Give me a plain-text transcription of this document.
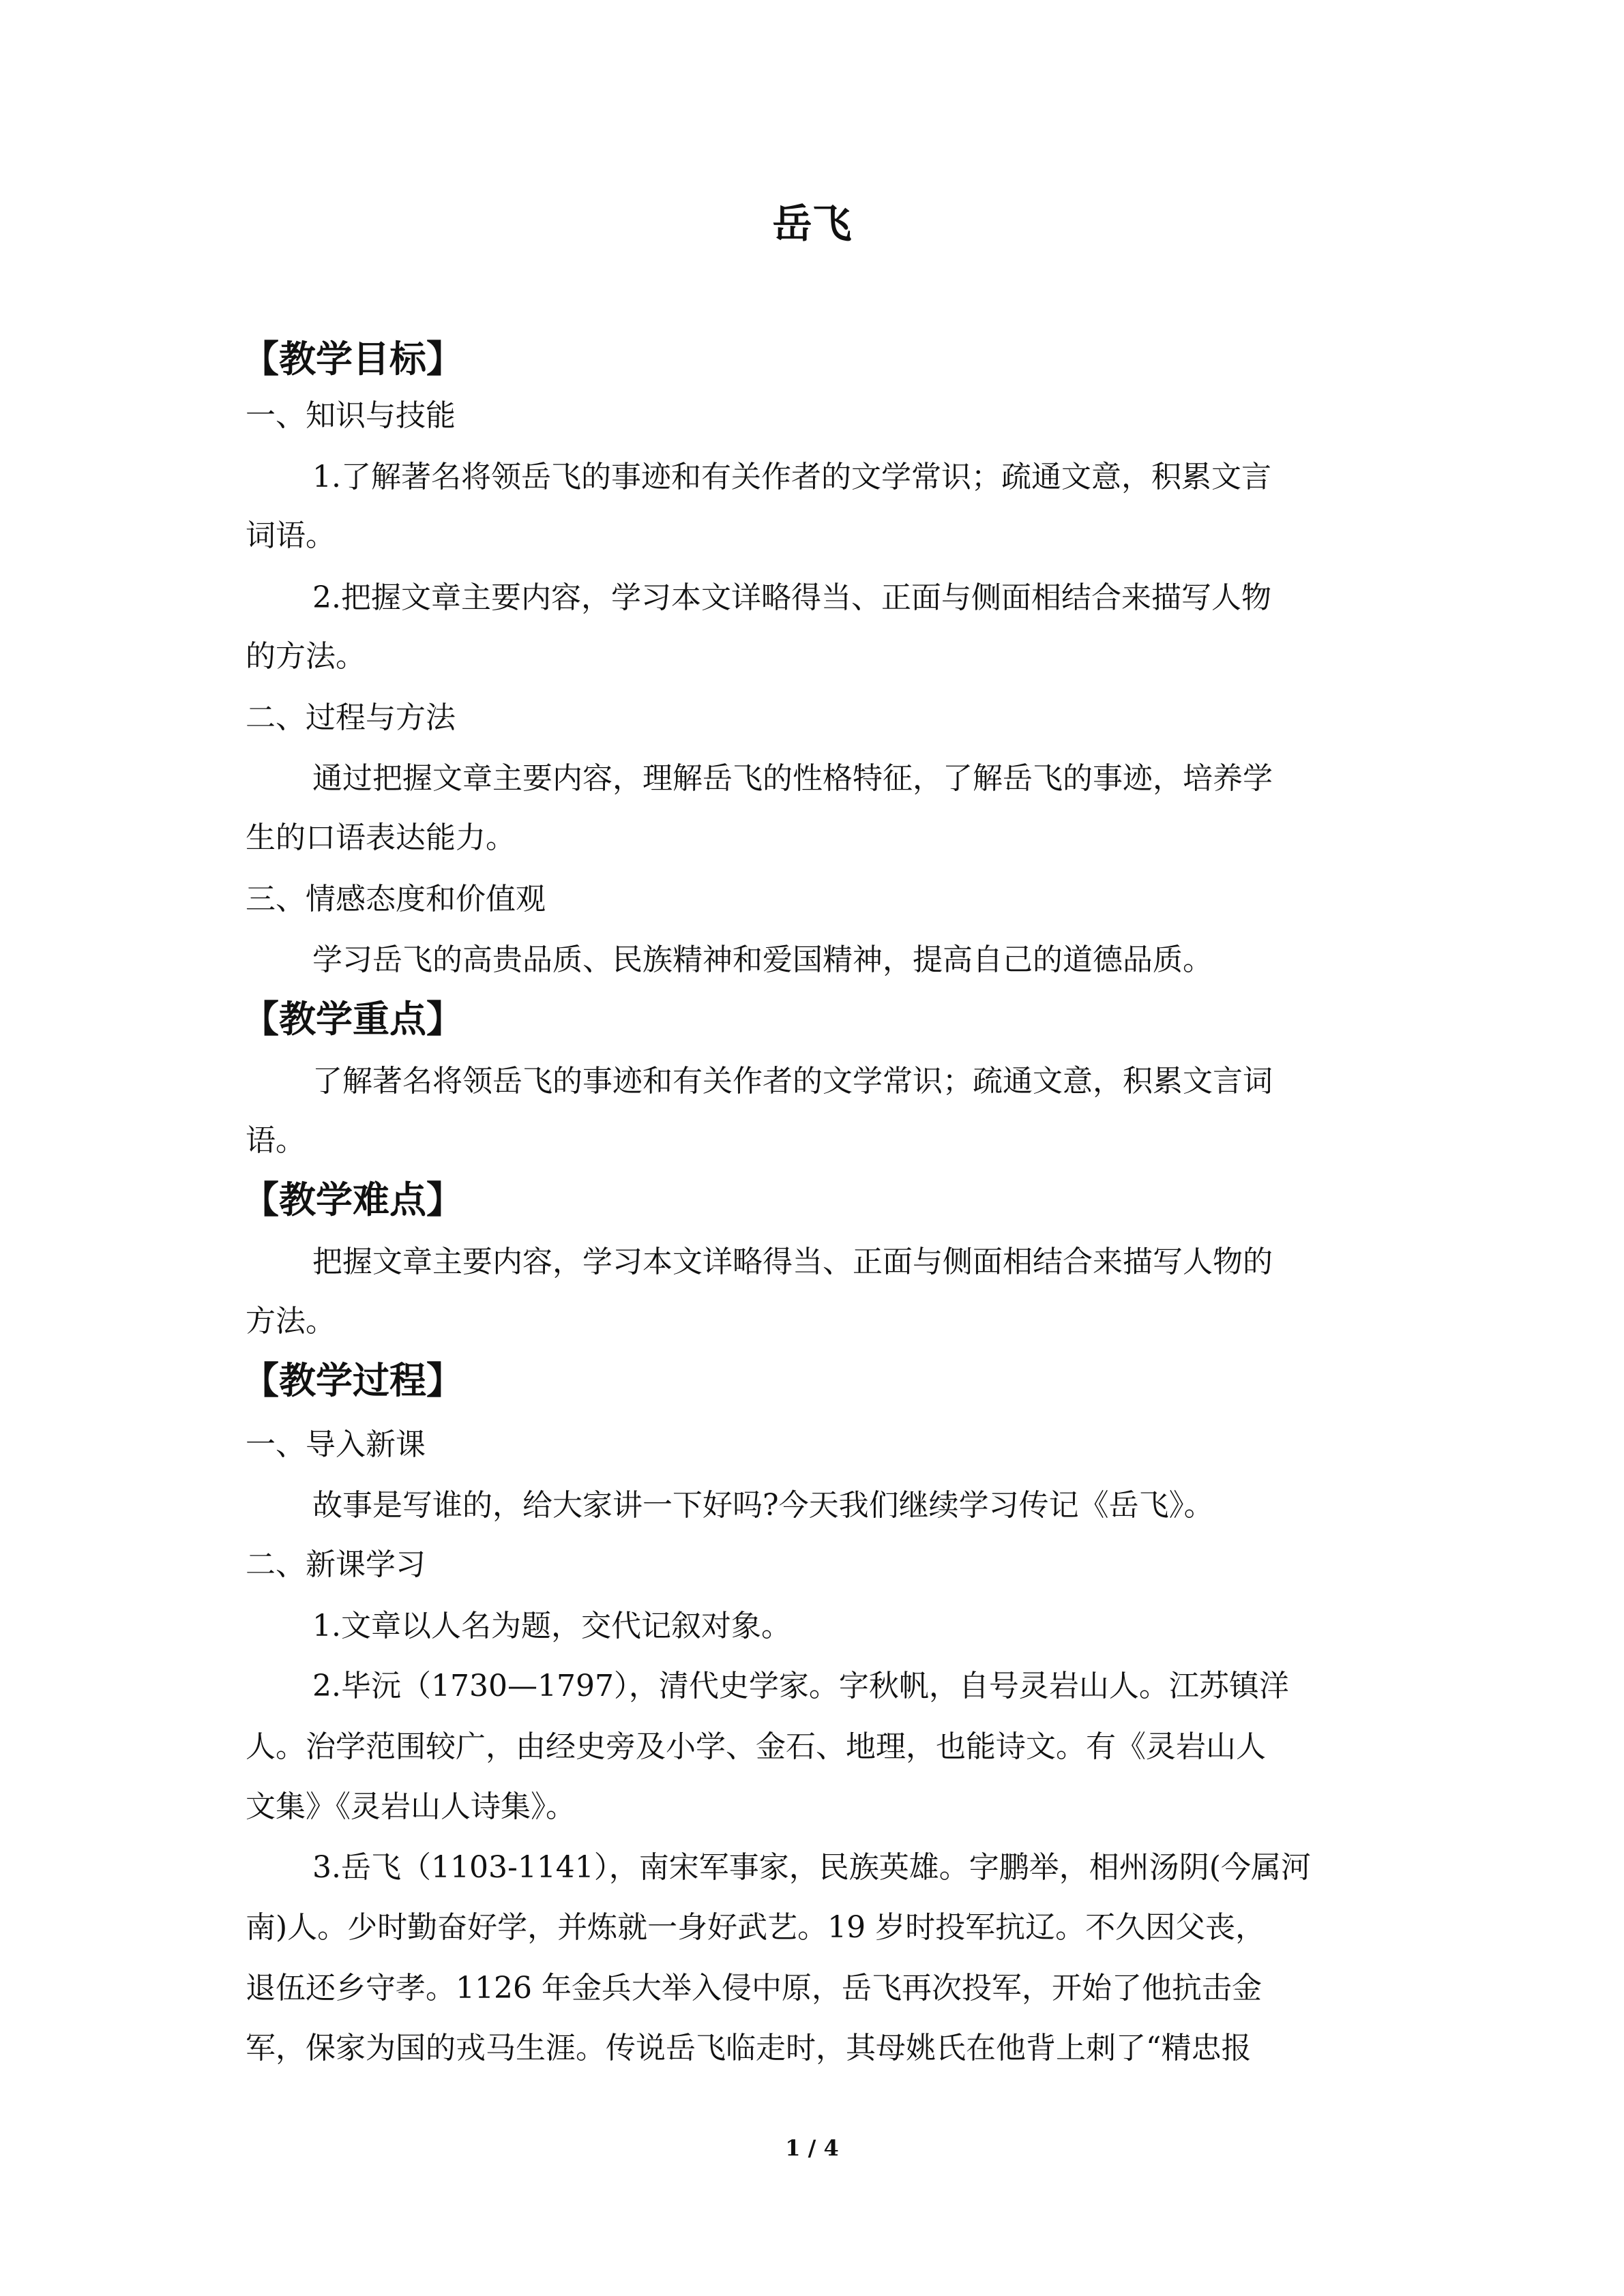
岳飞
【教学目标】
一、知识与技能
1.了解著名将领岳飞的事迹和有关作者的文学常识；疏通文意，积累文言
词语。
2.把握文章主要内容，学习本文详略得当、正面与侧面相结合来描写人物
的方法。
二、过程与方法
通过把握文章主要内容，理解岳飞的性格特征，了解岳飞的事迹，培养学
生的口语表达能力。
三、情感态度和价值观
学习岳飞的高贵品质、民族精神和爱国精神，提高自己的道德品质。
【教学重点】
了解著名将领岳飞的事迹和有关作者的文学常识；疏通文意，积累文言词
语。
【教学难点】
把握文章主要内容，学习本文详略得当、正面与侧面相结合来描写人物的
方法。
【教学过程】
一、导入新课
故事是写谁的，给大家讲一下好吗?今天我们继续学习传记《岳飞》。
二、新课学习
1.文章以人名为题，交代记叙对象。
2.毕沅（1730—1797），清代史学家。字秋帆，自号灵岩山人。江苏镇洋
人。治学范围较广，由经史旁及小学、金石、地理，也能诗文。有《灵岩山人
文集》《灵岩山人诗集》。
3.岳飞（1103-1141），南宋军事家，民族英雄。字鹏举，相州汤阴(今属河
南)人。少时勤奋好学，并炼就一身好武艺。19 岁时投军抗辽。不久因父丧，
退伍还乡守孝。1126 年金兵大举入侵中原，岳飞再次投军，开始了他抗击金
军，保家为国的戎马生涯。传说岳飞临走时，其母姚氏在他背上刺了“精忠报
1 / 4
